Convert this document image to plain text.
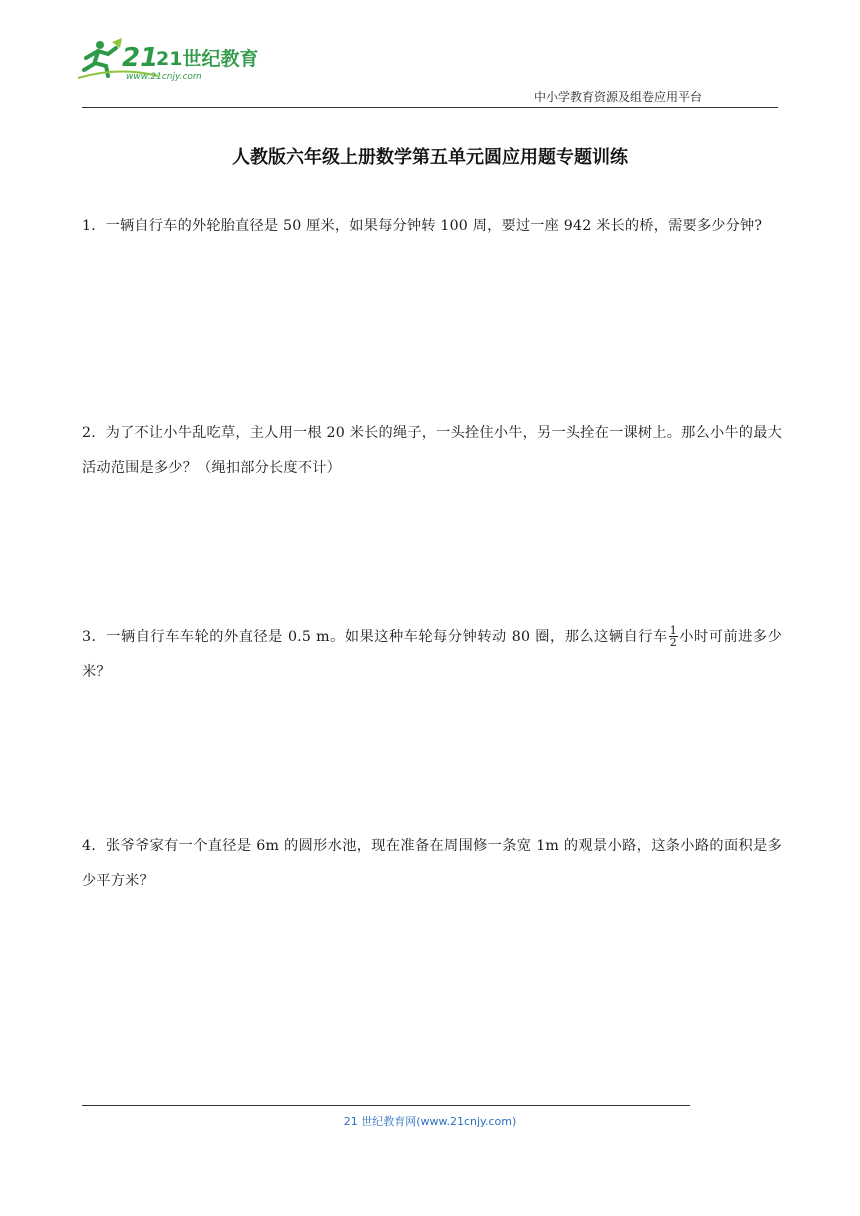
21
21世纪教育
www.21cnjy.com
中小学教育资源及组卷应用平台
人教版六年级上册数学第五单元圆应用题专题训练
1．一辆自行车的外轮胎直径是 50 厘米，如果每分钟转 100 周，要过一座 942 米长的桥，需要多少分钟?
2．为了不让小牛乱吃草，主人用一根 20 米长的绳子，一头拴住小牛，另一头拴在一课树上。那么小牛的最大活动范围是多少？（绳扣部分长度不计）
3．一辆自行车车轮的外直径是 0.5 m。如果这种车轮每分钟转动 80 圈，那么这辆自行车 $\frac{1}{2}$ 小时可前进多少米？
4．张爷爷家有一个直径是 6m 的圆形水池，现在准备在周围修一条宽 1m 的观景小路，这条小路的面积是多少平方米？
21 世纪教育网(www.21cnjy.com)
